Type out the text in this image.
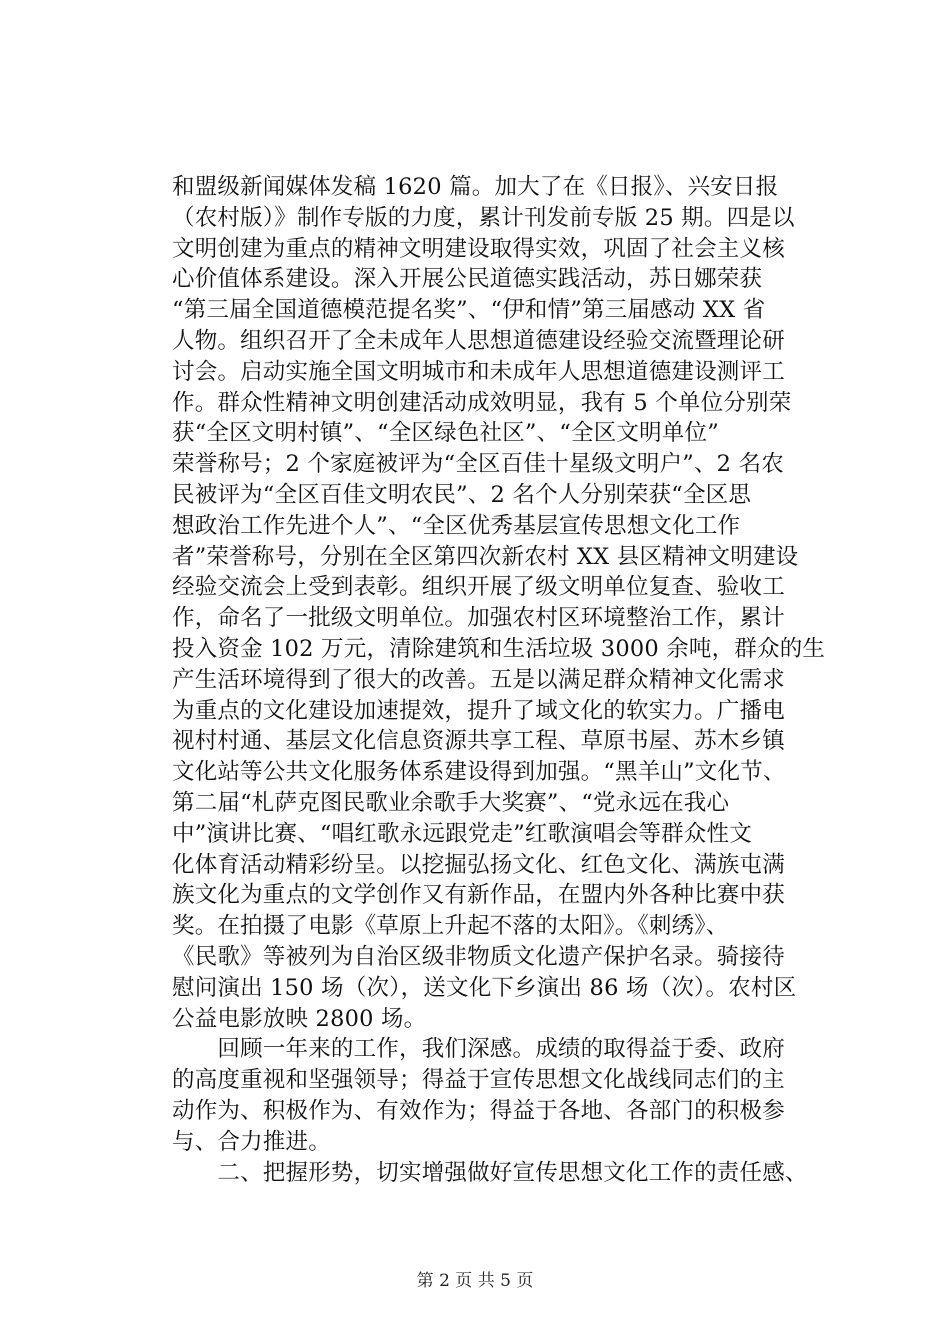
和盟级新闻媒体发稿 1620 篇。加大了在《日报》、兴安日报
（农村版）》制作专版的力度，累计刊发前专版 25 期。四是以
文明创建为重点的精神文明建设取得实效，巩固了社会主义核
心价值体系建设。深入开展公民道德实践活动，苏日娜荣获
“第三届全国道德模范提名奖”、“伊和情”第三届感动 XX 省
人物。组织召开了全未成年人思想道德建设经验交流暨理论研
讨会。启动实施全国文明城市和未成年人思想道德建设测评工
作。群众性精神文明创建活动成效明显，我有 5 个单位分别荣
获“全区文明村镇”、“全区绿色社区”、“全区文明单位”
荣誉称号；2 个家庭被评为“全区百佳十星级文明户”、2 名农
民被评为“全区百佳文明农民”、2 名个人分别荣获“全区思
想政治工作先进个人”、“全区优秀基层宣传思想文化工作
者”荣誉称号，分别在全区第四次新农村 XX 县区精神文明建设
经验交流会上受到表彰。组织开展了级文明单位复查、验收工
作，命名了一批级文明单位。加强农村区环境整治工作，累计
投入资金 102 万元，清除建筑和生活垃圾 3000 余吨，群众的生
产生活环境得到了很大的改善。五是以满足群众精神文化需求
为重点的文化建设加速提效，提升了域文化的软实力。广播电
视村村通、基层文化信息资源共享工程、草原书屋、苏木乡镇
文化站等公共文化服务体系建设得到加强。“黑羊山”文化节、
第二届“札萨克图民歌业余歌手大奖赛”、“党永远在我心
中”演讲比赛、“唱红歌永远跟党走”红歌演唱会等群众性文
化体育活动精彩纷呈。以挖掘弘扬文化、红色文化、满族屯满
族文化为重点的文学创作又有新作品，在盟内外各种比赛中获
奖。在拍摄了电影《草原上升起不落的太阳》。《刺绣》、
《民歌》等被列为自治区级非物质文化遗产保护名录。骑接待
慰问演出 150 场（次），送文化下乡演出 86 场（次）。农村区
公益电影放映 2800 场。
　　回顾一年来的工作，我们深感。成绩的取得益于委、政府
的高度重视和坚强领导；得益于宣传思想文化战线同志们的主
动作为、积极作为、有效作为；得益于各地、各部门的积极参
与、合力推进。
　　二、把握形势，切实增强做好宣传思想文化工作的责任感、
第 2 页 共 5 页
